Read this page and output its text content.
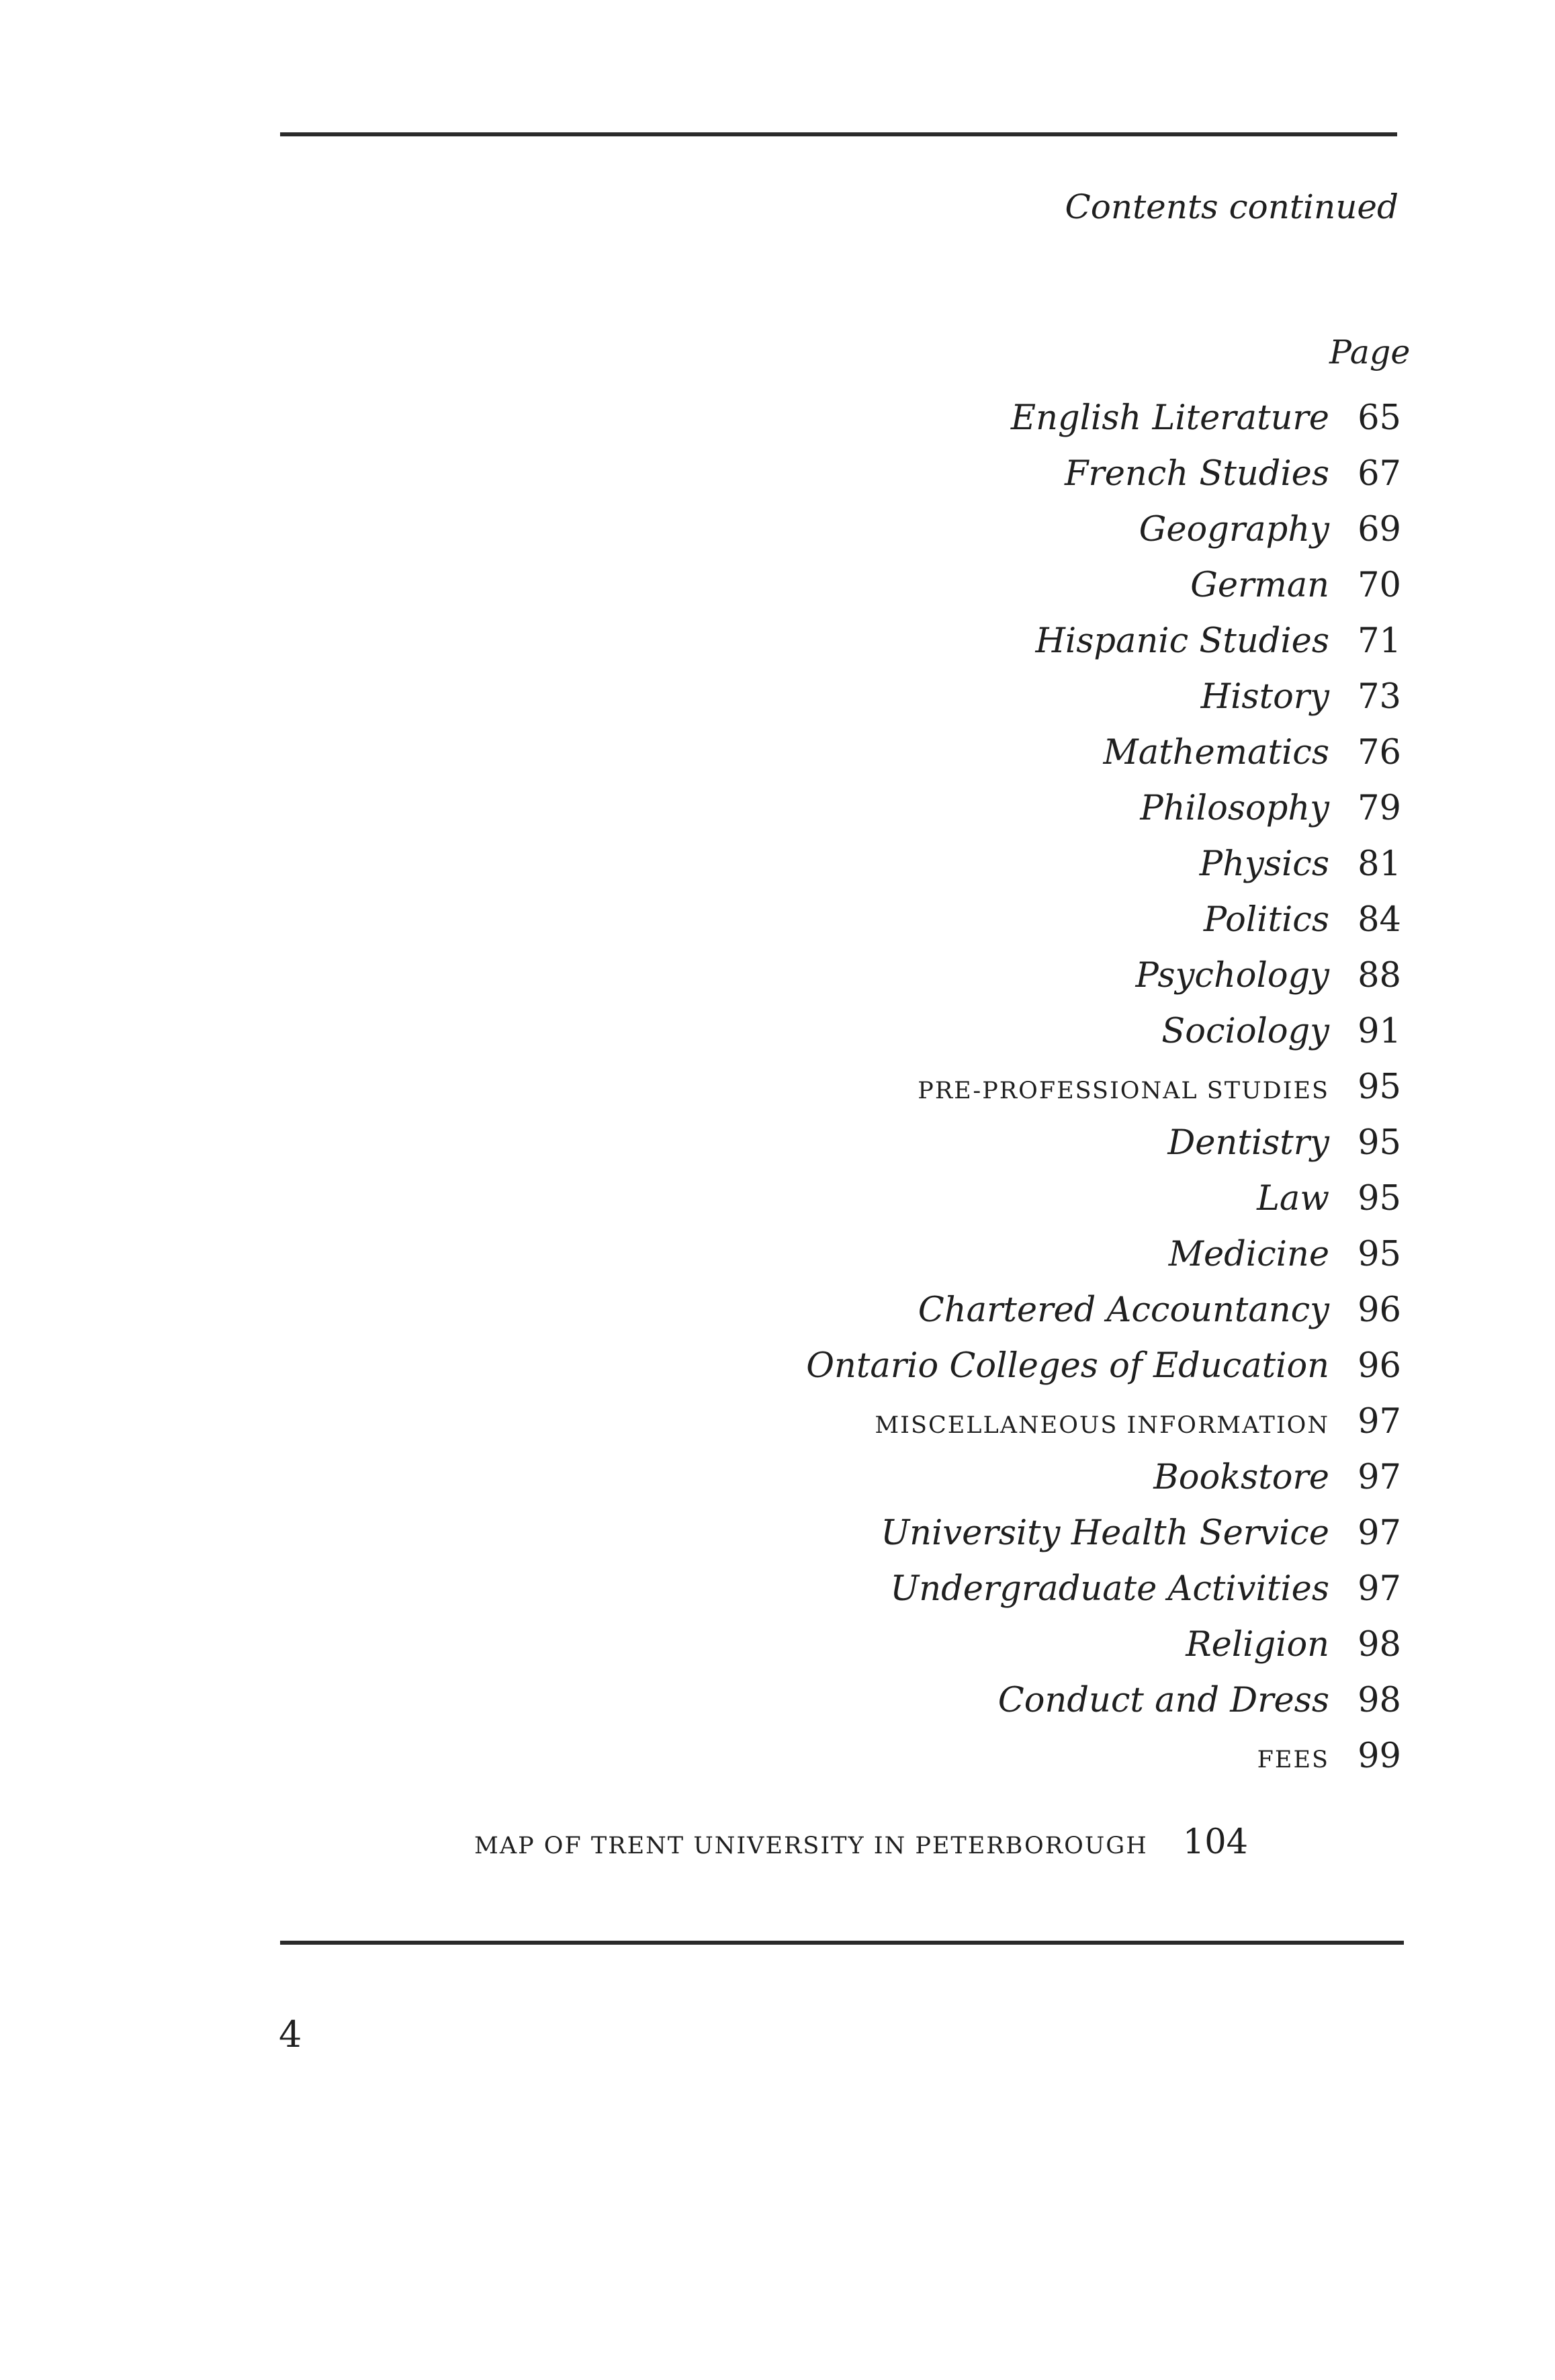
Contents continued
Page
English Literature 65
French Studies 67
Geography 69
German 70
Hispanic Studies 71
History 73
Mathematics 76
Philosophy 79
Physics 81
Politics 84
Psychology 88
Sociology 91
PRE-PROFESSIONAL STUDIES 95
Dentistry 95
Law 95
Medicine 95
Chartered Accountancy 96
Ontario Colleges of Education 96
MISCELLANEOUS INFORMATION 97
Bookstore 97
University Health Service 97
Undergraduate Activities 97
Religion 98
Conduct and Dress 98
FEES 99
MAP OF TRENT UNIVERSITY IN PETERBOROUGH 104
4
